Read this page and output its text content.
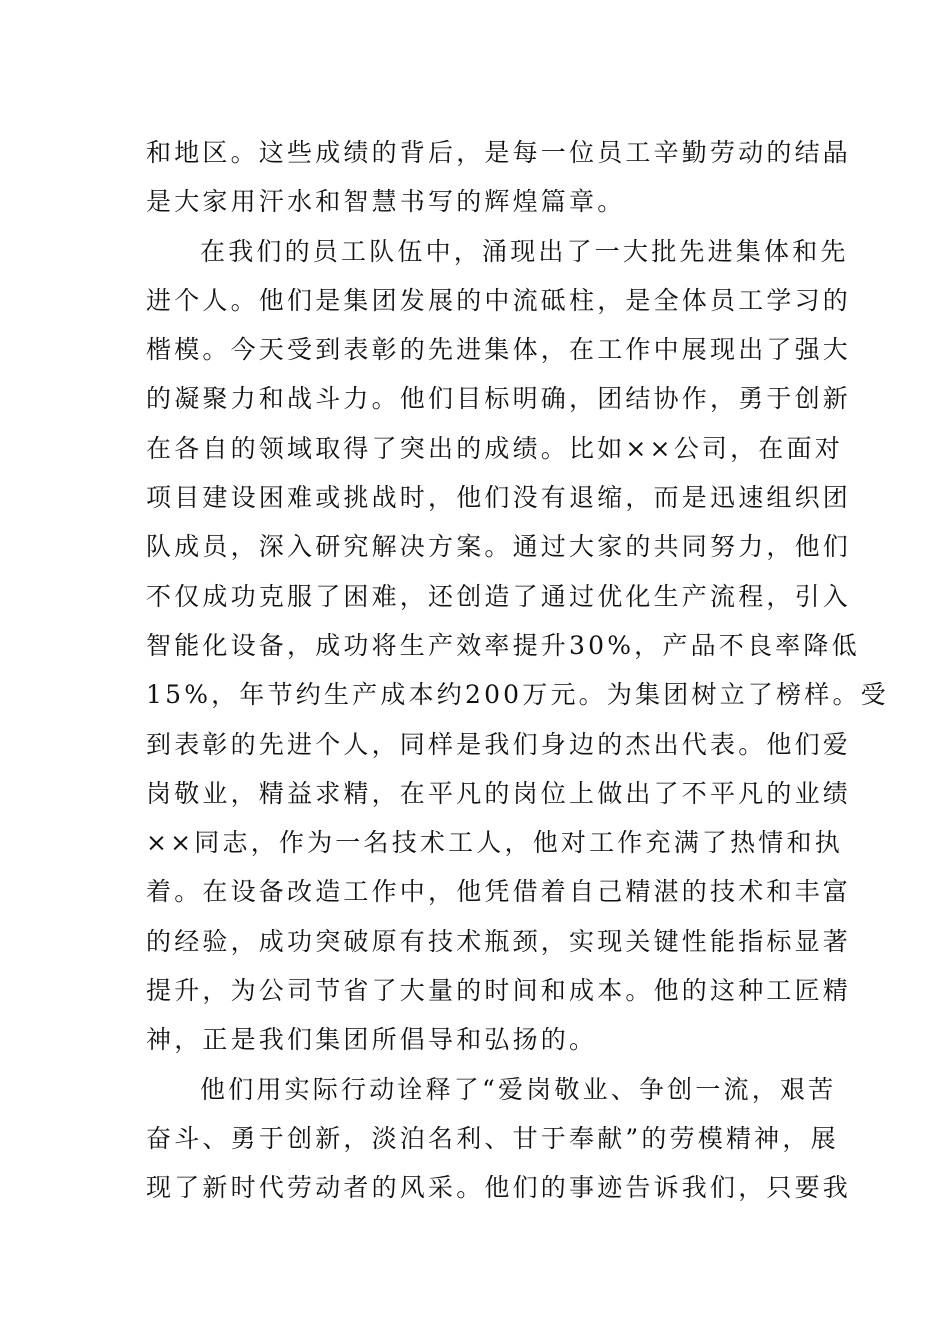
和地区。这些成绩的背后，是每一位员工辛勤劳动的结晶
是大家用汗水和智慧书写的辉煌篇章。
在我们的员工队伍中，涌现出了一大批先进集体和先
进个人。他们是集团发展的中流砥柱，是全体员工学习的
楷模。今天受到表彰的先进集体，在工作中展现出了强大
的凝聚力和战斗力。他们目标明确，团结协作，勇于创新
在各自的领域取得了突出的成绩。比如××公司，在面对
项目建设困难或挑战时，他们没有退缩，而是迅速组织团
队成员，深入研究解决方案。通过大家的共同努力，他们
不仅成功克服了困难，还创造了通过优化生产流程，引入
智能化设备，成功将生产效率提升30%，产品不良率降低
15%，年节约生产成本约200万元。为集团树立了榜样。受
到表彰的先进个人，同样是我们身边的杰出代表。他们爱
岗敬业，精益求精，在平凡的岗位上做出了不平凡的业绩
××同志，作为一名技术工人，他对工作充满了热情和执
着。在设备改造工作中，他凭借着自己精湛的技术和丰富
的经验，成功突破原有技术瓶颈，实现关键性能指标显著
提升，为公司节省了大量的时间和成本。他的这种工匠精
神，正是我们集团所倡导和弘扬的。
他们用实际行动诠释了“爱岗敬业、争创一流，艰苦
奋斗、勇于创新，淡泊名利、甘于奉献”的劳模精神，展
现了新时代劳动者的风采。他们的事迹告诉我们，只要我
